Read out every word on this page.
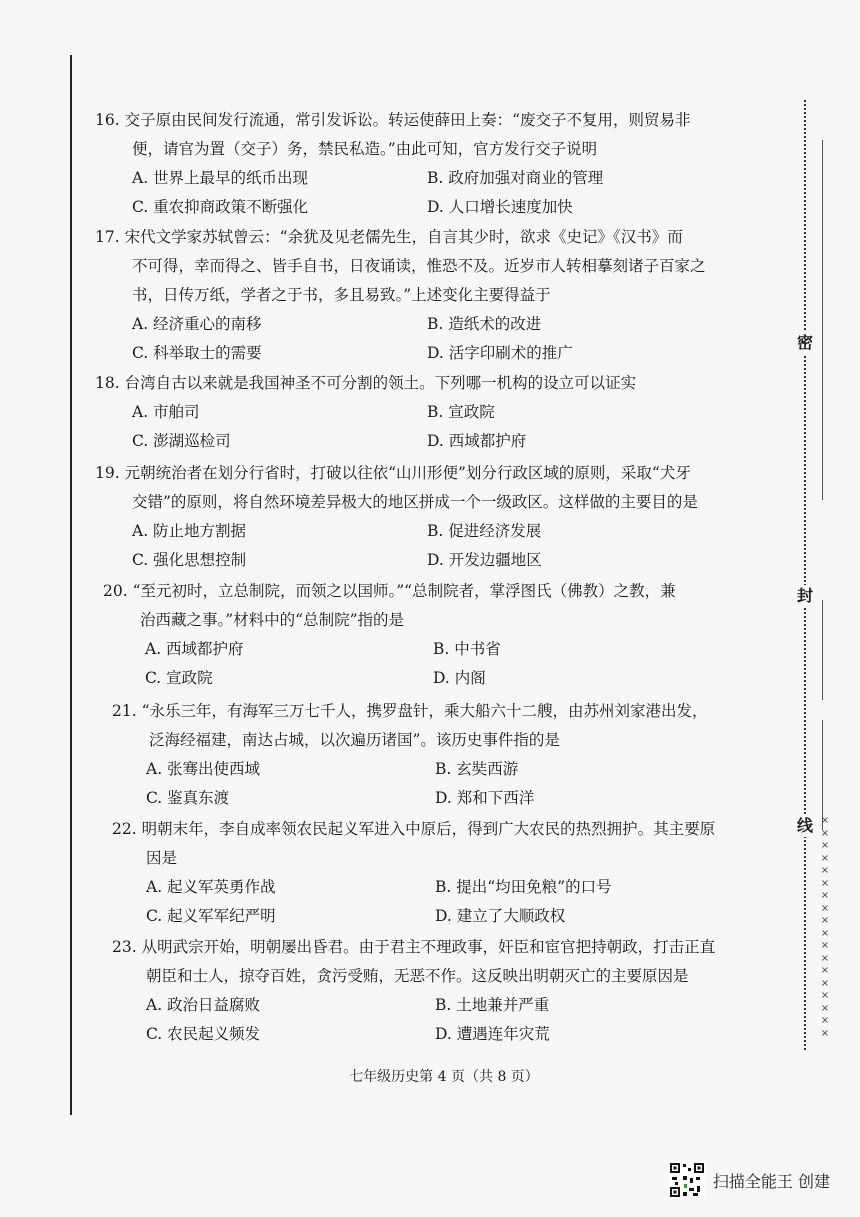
密
封
线 × × × × × × × × × × × × × × × × × ×
16. 交子原由民间发行流通，常引发诉讼。转运使薛田上奏：“废交子不复用，则贸易非
便，请官为置（交子）务，禁民私造。”由此可知，官方发行交子说明
A. 世界上最早的纸币出现	B. 政府加强对商业的管理
C. 重农抑商政策不断强化	D. 人口增长速度加快
17. 宋代文学家苏轼曾云：“余犹及见老儒先生，自言其少时，欲求《史记》《汉书》而
不可得，幸而得之、皆手自书，日夜诵读，惟恐不及。近岁市人转相摹刻诸子百家之
书，日传万纸，学者之于书，多且易致。”上述变化主要得益于
A. 经济重心的南移	B. 造纸术的改进
C. 科举取士的需要	D. 活字印刷术的推广
18. 台湾自古以来就是我国神圣不可分割的领土。下列哪一机构的设立可以证实
A. 市舶司	B. 宣政院
C. 澎湖巡检司	D. 西域都护府
19. 元朝统治者在划分行省时，打破以往依“山川形便”划分行政区域的原则，采取“犬牙
交错”的原则，将自然环境差异极大的地区拼成一个一级政区。这样做的主要目的是
A. 防止地方割据	B. 促进经济发展
C. 强化思想控制	D. 开发边疆地区
20. “至元初时，立总制院，而领之以国师。”“总制院者，掌浮图氏（佛教）之教，兼
治西藏之事。”材料中的“总制院”指的是
A. 西域都护府	B. 中书省
C. 宣政院	D. 内阁
21. “永乐三年，有海军三万七千人，携罗盘针，乘大船六十二艘，由苏州刘家港出发，
泛海经福建，南达占城，以次遍历诸国”。该历史事件指的是
A. 张骞出使西域	B. 玄奘西游
C. 鉴真东渡	D. 郑和下西洋
22. 明朝末年，李自成率领农民起义军进入中原后，得到广大农民的热烈拥护。其主要原
因是
A. 起义军英勇作战	B. 提出“均田免粮”的口号
C. 起义军军纪严明	D. 建立了大顺政权
23. 从明武宗开始，明朝屡出昏君。由于君主不理政事，奸臣和宦官把持朝政，打击正直
朝臣和士人，掠夺百姓，贪污受贿，无恶不作。这反映出明朝灭亡的主要原因是
A. 政治日益腐败	B. 土地兼并严重
C. 农民起义频发	D. 遭遇连年灾荒
七年级历史第 4 页（共 8 页）
扫描全能王 创建
